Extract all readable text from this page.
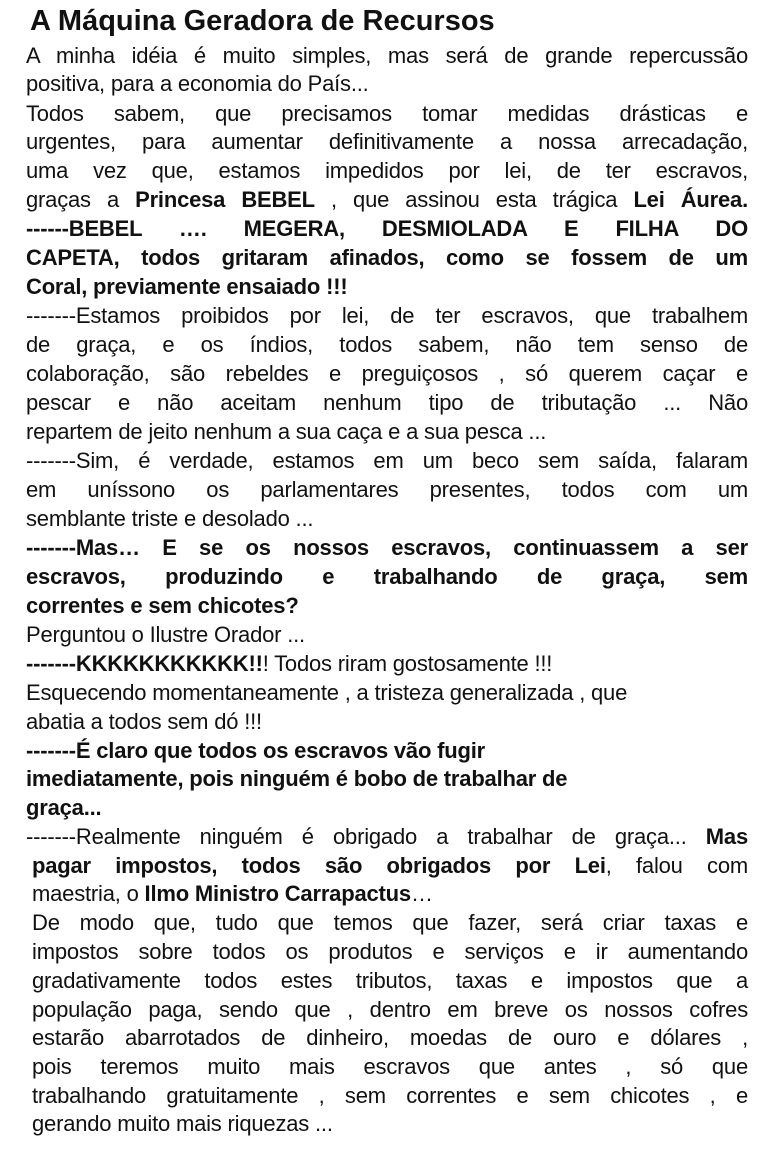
A Máquina Geradora de Recursos
A minha idéia é muito simples, mas será de grande repercussão
positiva, para a economia do País...
Todos sabem, que precisamos tomar medidas drásticas e
urgentes, para aumentar definitivamente a nossa arrecadação,
uma vez que, estamos impedidos por lei, de ter escravos,
graças a Princesa BEBEL , que assinou esta trágica Lei Áurea.
------BEBEL …. MEGERA, DESMIOLADA E FILHA DO
CAPETA, todos gritaram afinados, como se fossem de um
Coral, previamente ensaiado !!!
-------Estamos proibidos por lei, de ter escravos, que trabalhem
de graça, e os índios, todos sabem, não tem senso de
colaboração, são rebeldes e preguiçosos , só querem caçar e
pescar e não aceitam nenhum tipo de tributação ... Não
repartem de jeito nenhum a sua caça e a sua pesca ...
-------Sim, é verdade, estamos em um beco sem saída, falaram
em uníssono os parlamentares presentes, todos com um
semblante triste e desolado ...
-------Mas… E se os nossos escravos, continuassem a ser
escravos, produzindo e trabalhando de graça, sem
correntes e sem chicotes?
Perguntou o Ilustre Orador ...
-------KKKKKKKKKKK!!! Todos riram gostosamente !!!
Esquecendo momentaneamente , a tristeza generalizada , que
abatia a todos sem dó !!!
-------É claro que todos os escravos vão fugir
imediatamente, pois ninguém é bobo de trabalhar de
graça...
-------Realmente ninguém é obrigado a trabalhar de graça... Mas
pagar impostos, todos são obrigados por Lei, falou com
maestria, o Ilmo Ministro Carrapactus…
De modo que, tudo que temos que fazer, será criar taxas e
impostos sobre todos os produtos e serviços e ir aumentando
gradativamente todos estes tributos, taxas e impostos que a
população paga, sendo que , dentro em breve os nossos cofres
estarão abarrotados de dinheiro, moedas de ouro e dólares ,
pois teremos muito mais escravos que antes , só que
trabalhando gratuitamente , sem correntes e sem chicotes , e
gerando muito mais riquezas ...
